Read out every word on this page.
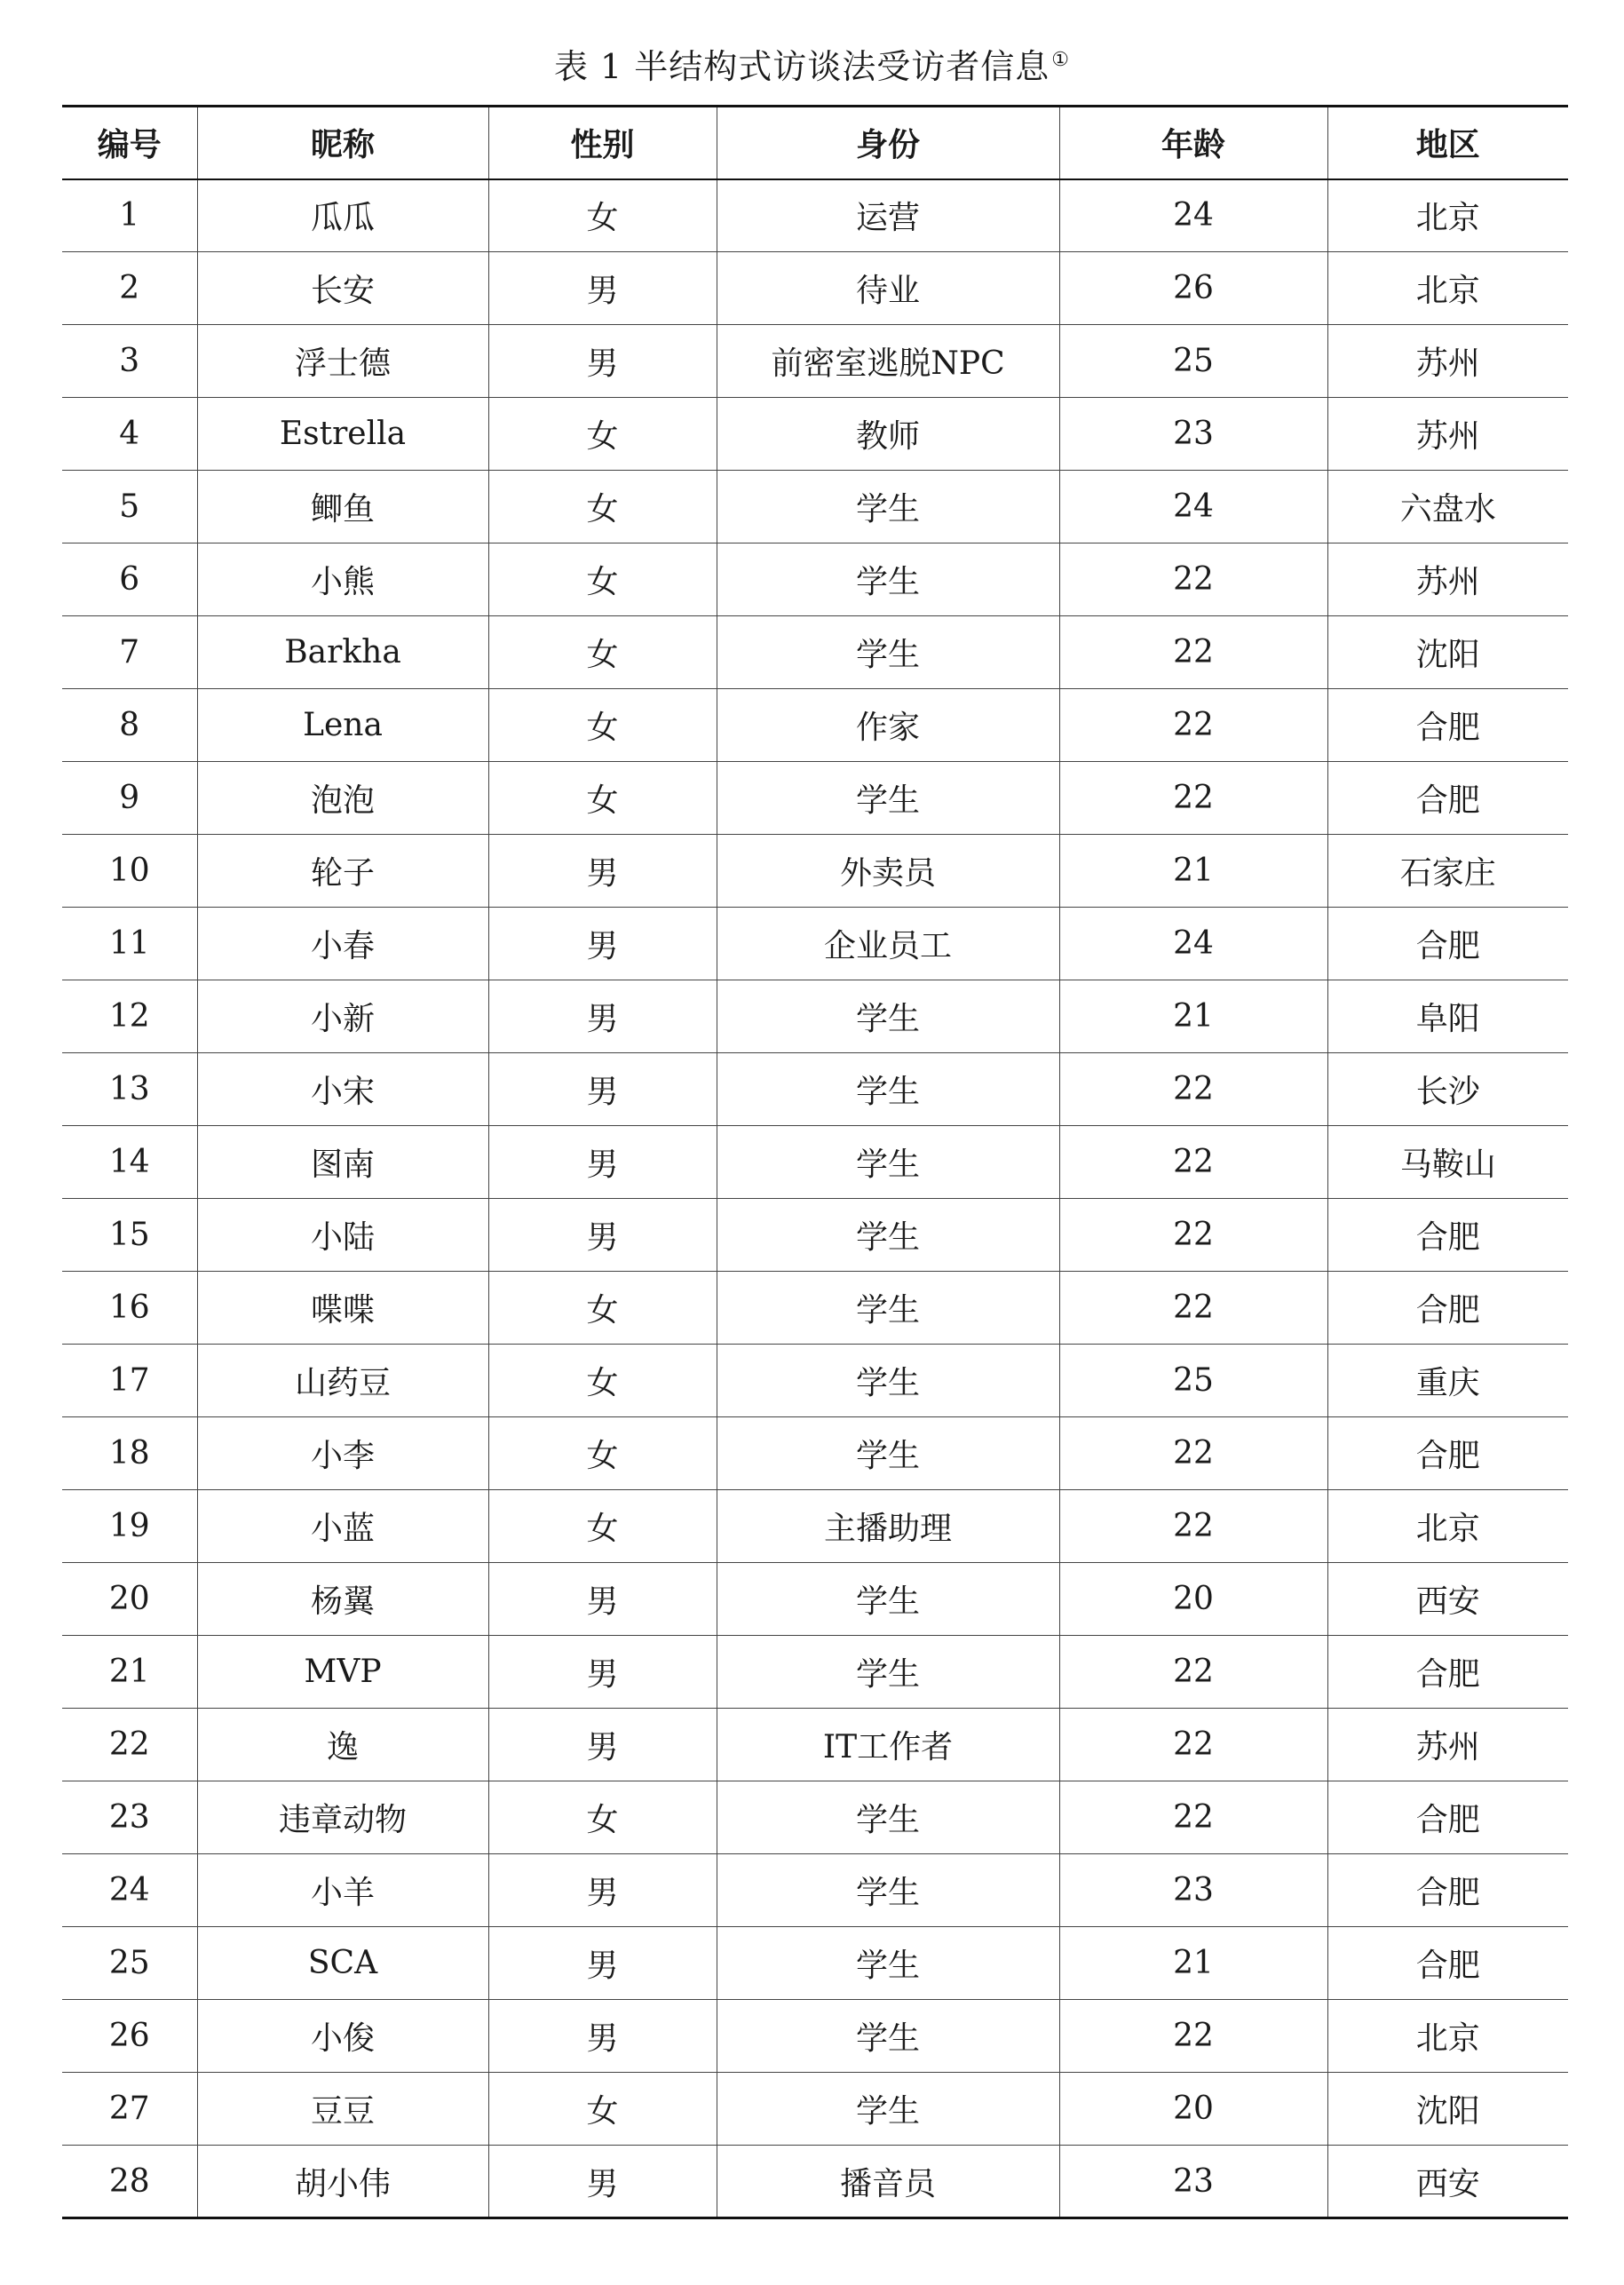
表 1 半结构式访谈法受访者信息①
编号	昵称	性别	身份	年龄	地区
1	瓜瓜	女	运营	24	北京
2	长安	男	待业	26	北京
3	浮士德	男	前密室逃脱NPC	25	苏州
4	Estrella	女	教师	23	苏州
5	鲫鱼	女	学生	24	六盘水
6	小熊	女	学生	22	苏州
7	Barkha	女	学生	22	沈阳
8	Lena	女	作家	22	合肥
9	泡泡	女	学生	22	合肥
10	轮子	男	外卖员	21	石家庄
11	小春	男	企业员工	24	合肥
12	小新	男	学生	21	阜阳
13	小宋	男	学生	22	长沙
14	图南	男	学生	22	马鞍山
15	小陆	男	学生	22	合肥
16	喋喋	女	学生	22	合肥
17	山药豆	女	学生	25	重庆
18	小李	女	学生	22	合肥
19	小蓝	女	主播助理	22	北京
20	杨翼	男	学生	20	西安
21	MVP	男	学生	22	合肥
22	逸	男	IT工作者	22	苏州
23	违章动物	女	学生	22	合肥
24	小羊	男	学生	23	合肥
25	SCA	男	学生	21	合肥
26	小俊	男	学生	22	北京
27	豆豆	女	学生	20	沈阳
28	胡小伟	男	播音员	23	西安
